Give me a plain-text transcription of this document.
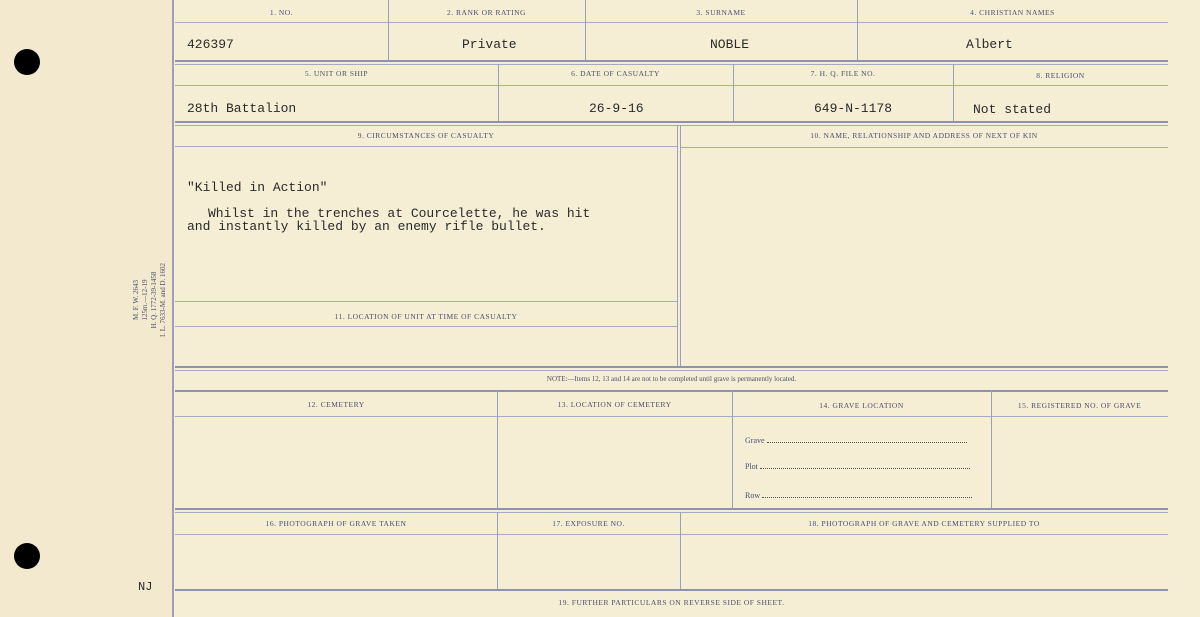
NJ
M. F. W. 2643 125m.—12-19 H. Q. 1772-39-1458 I. L. 7633-M. and D. 1602
1. NO.	2. RANK OR RATING	3. SURNAME	4. CHRISTIAN NAMES
426397	Private	NOBLE	Albert
5. UNIT OR SHIP	6. DATE OF CASUALTY	7. H. Q. FILE NO.	8. RELIGION
28th Battalion	26-9-16	649-N-1178	Not stated
9. CIRCUMSTANCES OF CASUALTY	10. NAME, RELATIONSHIP AND ADDRESS OF NEXT OF KIN
"Killed in Action"
Whilst in the trenches at Courcelette, he was hit
and instantly killed by an enemy rifle bullet.
11. LOCATION OF UNIT AT TIME OF CASUALTY
NOTE:—Items 12, 13 and 14 are not to be completed until grave is permanently located.
12. CEMETERY	13. LOCATION OF CEMETERY	14. GRAVE LOCATION	15. REGISTERED NO. OF GRAVE
Grave
Plot
Row
16. PHOTOGRAPH OF GRAVE TAKEN	17. EXPOSURE NO.	18. PHOTOGRAPH OF GRAVE AND CEMETERY SUPPLIED TO
19. FURTHER PARTICULARS ON REVERSE SIDE OF SHEET.
